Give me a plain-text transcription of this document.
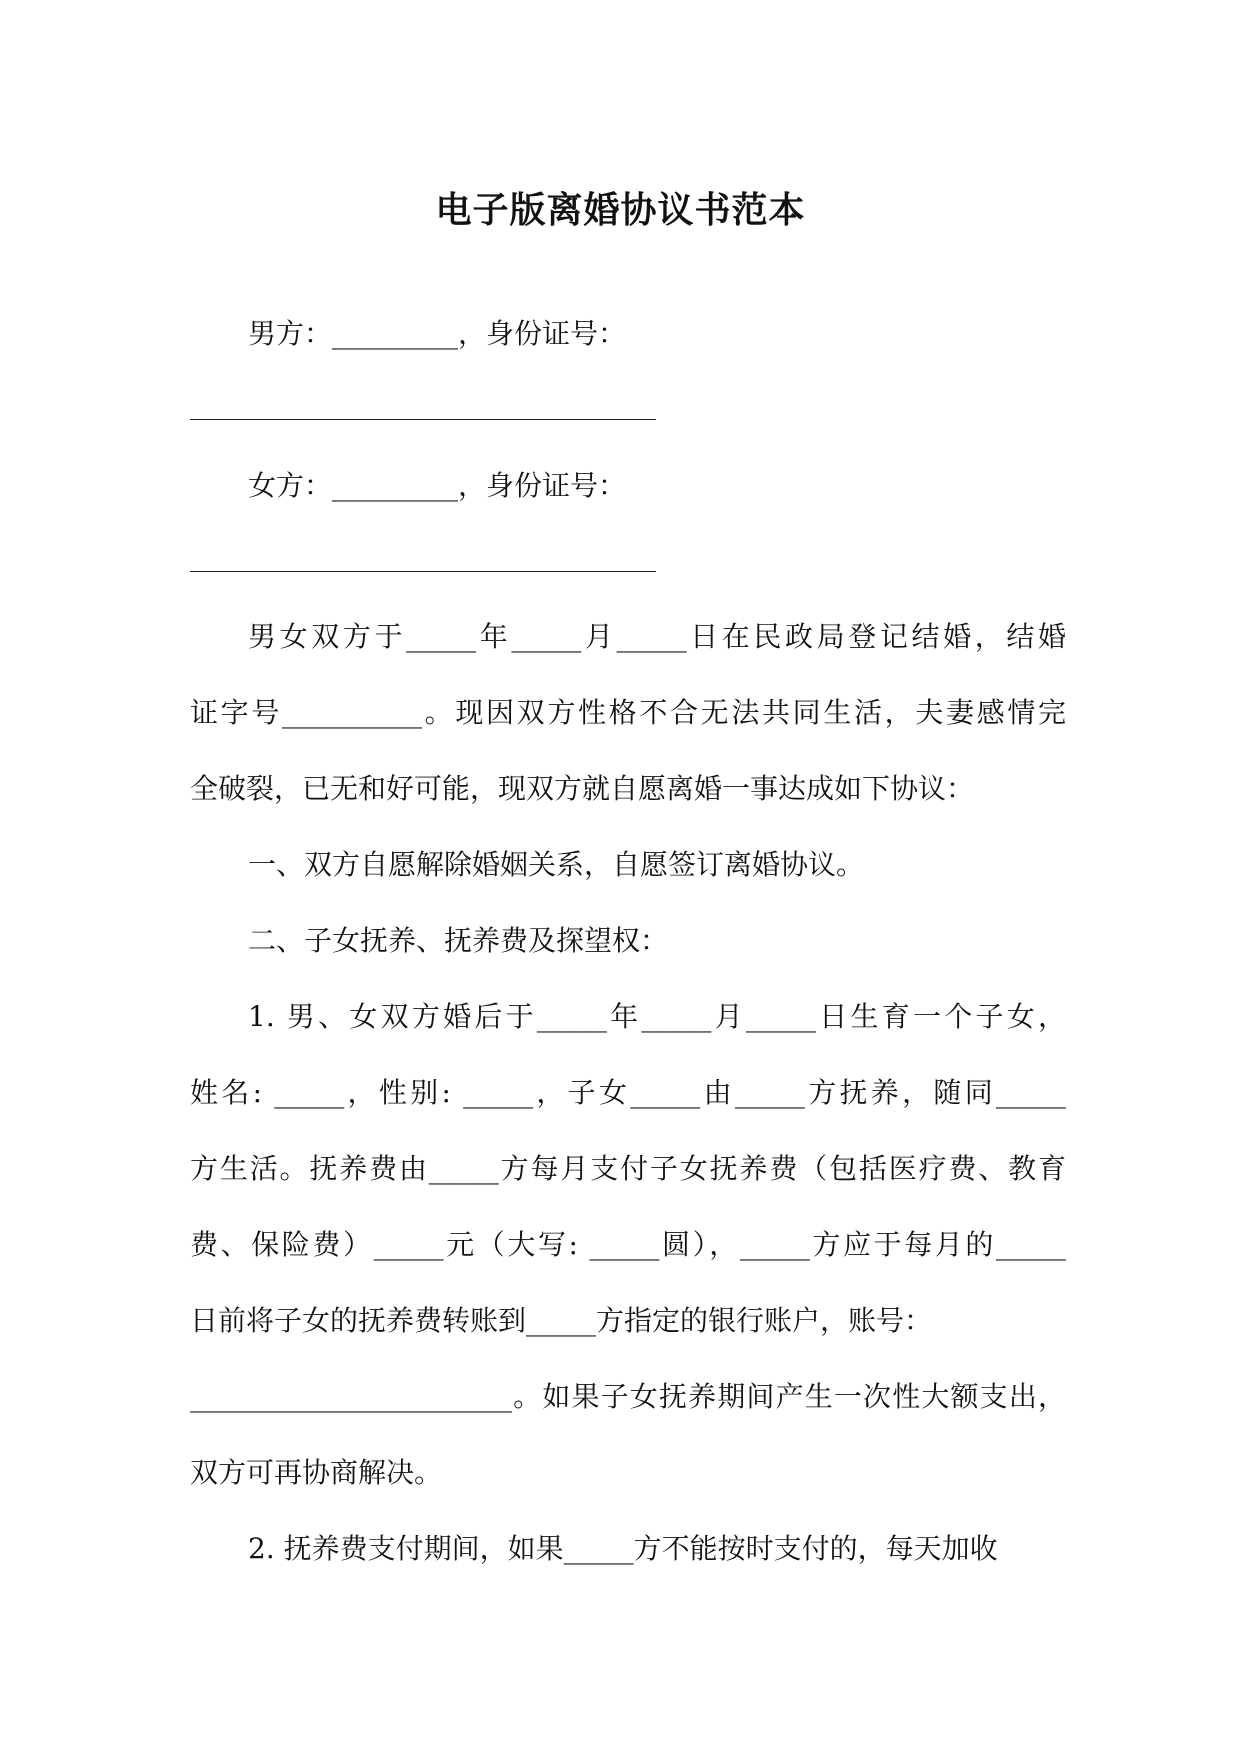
电子版离婚协议书范本

男方：_________，身份证号：

女方：_________，身份证号：

男女双方于_____年_____月_____日在民政局登记结婚，结婚

证字号__________。现因双方性格不合无法共同生活，夫妻感情完

全破裂，已无和好可能，现双方就自愿离婚一事达成如下协议：

一、双方自愿解除婚姻关系，自愿签订离婚协议。

二、子女抚养、抚养费及探望权：

1. 男、女双方婚后于_____年_____月_____日生育一个子女，

姓名: _____，性别: _____，子女_____由_____方抚养，随同_____

方生活。抚养费由_____方每月支付子女抚养费（包括医疗费、教育

费、保险费）_____元（大写: _____圆），_____方应于每月的_____

日前将子女的抚养费转账到_____方指定的银行账户，账号：

_______________________。如果子女抚养期间产生一次性大额支出，

双方可再协商解决。

2. 抚养费支付期间，如果_____方不能按时支付的，每天加收
